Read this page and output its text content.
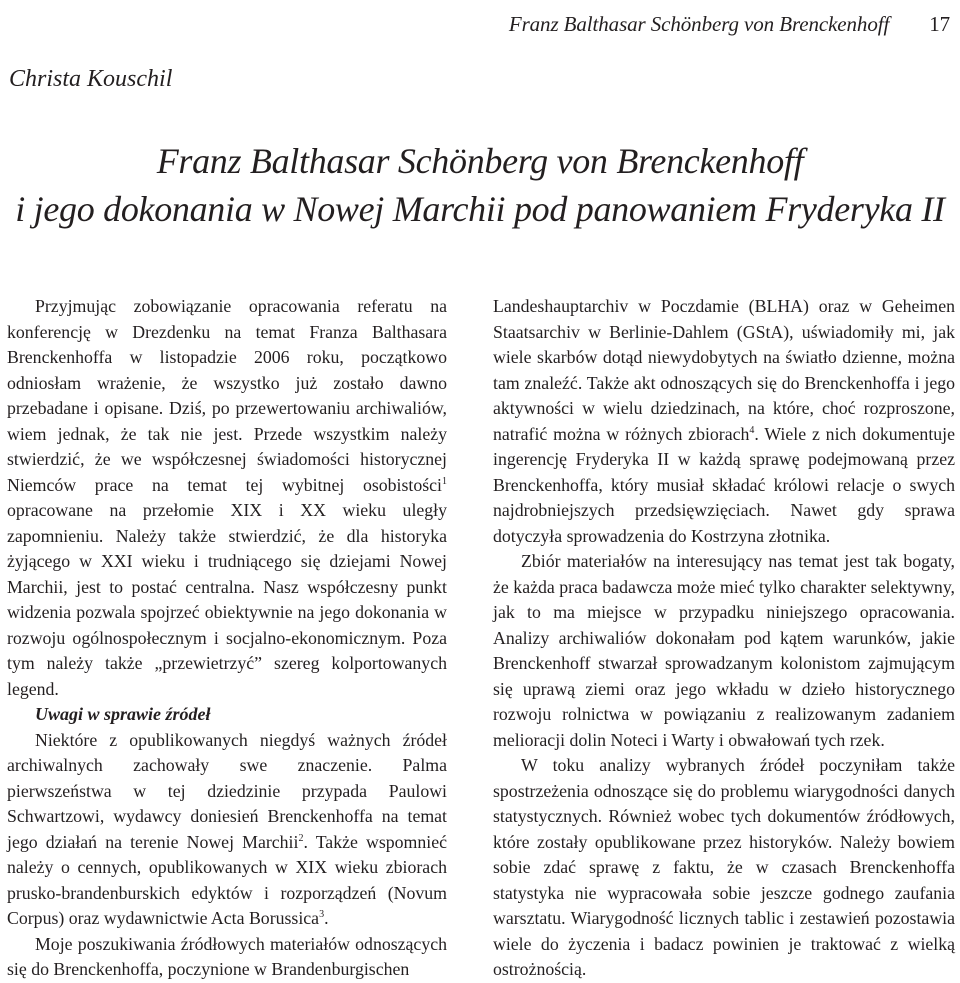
Franz Balthasar Schönberg von Brenckenhoff 17
Christa Kouschil
Franz Balthasar Schönberg von Brenckenhoff
i jego dokonania w Nowej Marchii pod panowaniem Fryderyka II

Przyjmując zobowiązanie opracowania referatu na konferencję w Drezdenku na temat Franza Balthasara Brenckenhoffa w listopadzie 2006 roku, początkowo odniosłam wrażenie, że wszystko już zostało dawno przebadane i opisane. Dziś, po przewertowaniu archiwaliów, wiem jednak, że tak nie jest. Przede wszystkim należy stwierdzić, że we współczesnej świadomości historycznej Niemców prace na temat tej wybitnej osobistości$^1$ opracowane na przełomie XIX i XX wieku uległy zapomnieniu. Należy także stwierdzić, że dla historyka żyjącego w XXI wieku i trudniącego się dziejami Nowej Marchii, jest to postać centralna. Nasz współczesny punkt widzenia pozwala spojrzeć obiektywnie na jego dokonania w rozwoju ogólnospołecznym i socjalno-ekonomicznym. Poza tym należy także „przewietrzyć” szereg kolportowanych legend.

Uwagi w sprawie źródeł

Niektóre z opublikowanych niegdyś ważnych źródeł archiwalnych zachowały swe znaczenie. Palma pierwszeństwa w tej dziedzinie przypada Paulowi Schwartzowi, wydawcy doniesień Brenckenhoffa na temat jego działań na terenie Nowej Marchii$^2$. Także wspomnieć należy o cennych, opublikowanych w XIX wieku zbiorach prusko-brandenburskich edyktów i rozporządzeń (Novum Corpus) oraz wydawnictwie Acta Borussica$^3$.

Moje poszukiwania źródłowych materiałów odnoszących się do Brenckenhoffa, poczynione w Brandenburgischen

Landeshauptarchiv w Poczdamie (BLHA) oraz w Geheimen Staatsarchiv w Berlinie-Dahlem (GStA), uświadomiły mi, jak wiele skarbów dotąd niewydobytych na światło dzienne, można tam znaleźć. Także akt odnoszących się do Brenckenhoffa i jego aktywności w wielu dziedzinach, na które, choć rozproszone, natrafić można w różnych zbiorach$^4$. Wiele z nich dokumentuje ingerencję Fryderyka II w każdą sprawę podejmowaną przez Brenckenhoffa, który musiał składać królowi relacje o swych najdrobniejszych przedsięwzięciach. Nawet gdy sprawa dotyczyła sprowadzenia do Kostrzyna złotnika.

Zbiór materiałów na interesujący nas temat jest tak bogaty, że każda praca badawcza może mieć tylko charakter selektywny, jak to ma miejsce w przypadku niniejszego opracowania. Analizy archiwaliów dokonałam pod kątem warunków, jakie Brenckenhoff stwarzał sprowadzanym kolonistom zajmującym się uprawą ziemi oraz jego wkładu w dzieło historycznego rozwoju rolnictwa w powiązaniu z realizowanym zadaniem melioracji dolin Noteci i Warty i obwałowań tych rzek.

W toku analizy wybranych źródeł poczyniłam także spostrzeżenia odnoszące się do problemu wiarygodności danych statystycznych. Również wobec tych dokumentów źródłowych, które zostały opublikowane przez historyków. Należy bowiem sobie zdać sprawę z faktu, że w czasach Brenckenhoffa statystyka nie wypracowała sobie jeszcze godnego zaufania warsztatu. Wiarygodność licznych tablic i zestawień pozostawia wiele do życzenia i badacz powinien je traktować z wielką ostrożnością.
